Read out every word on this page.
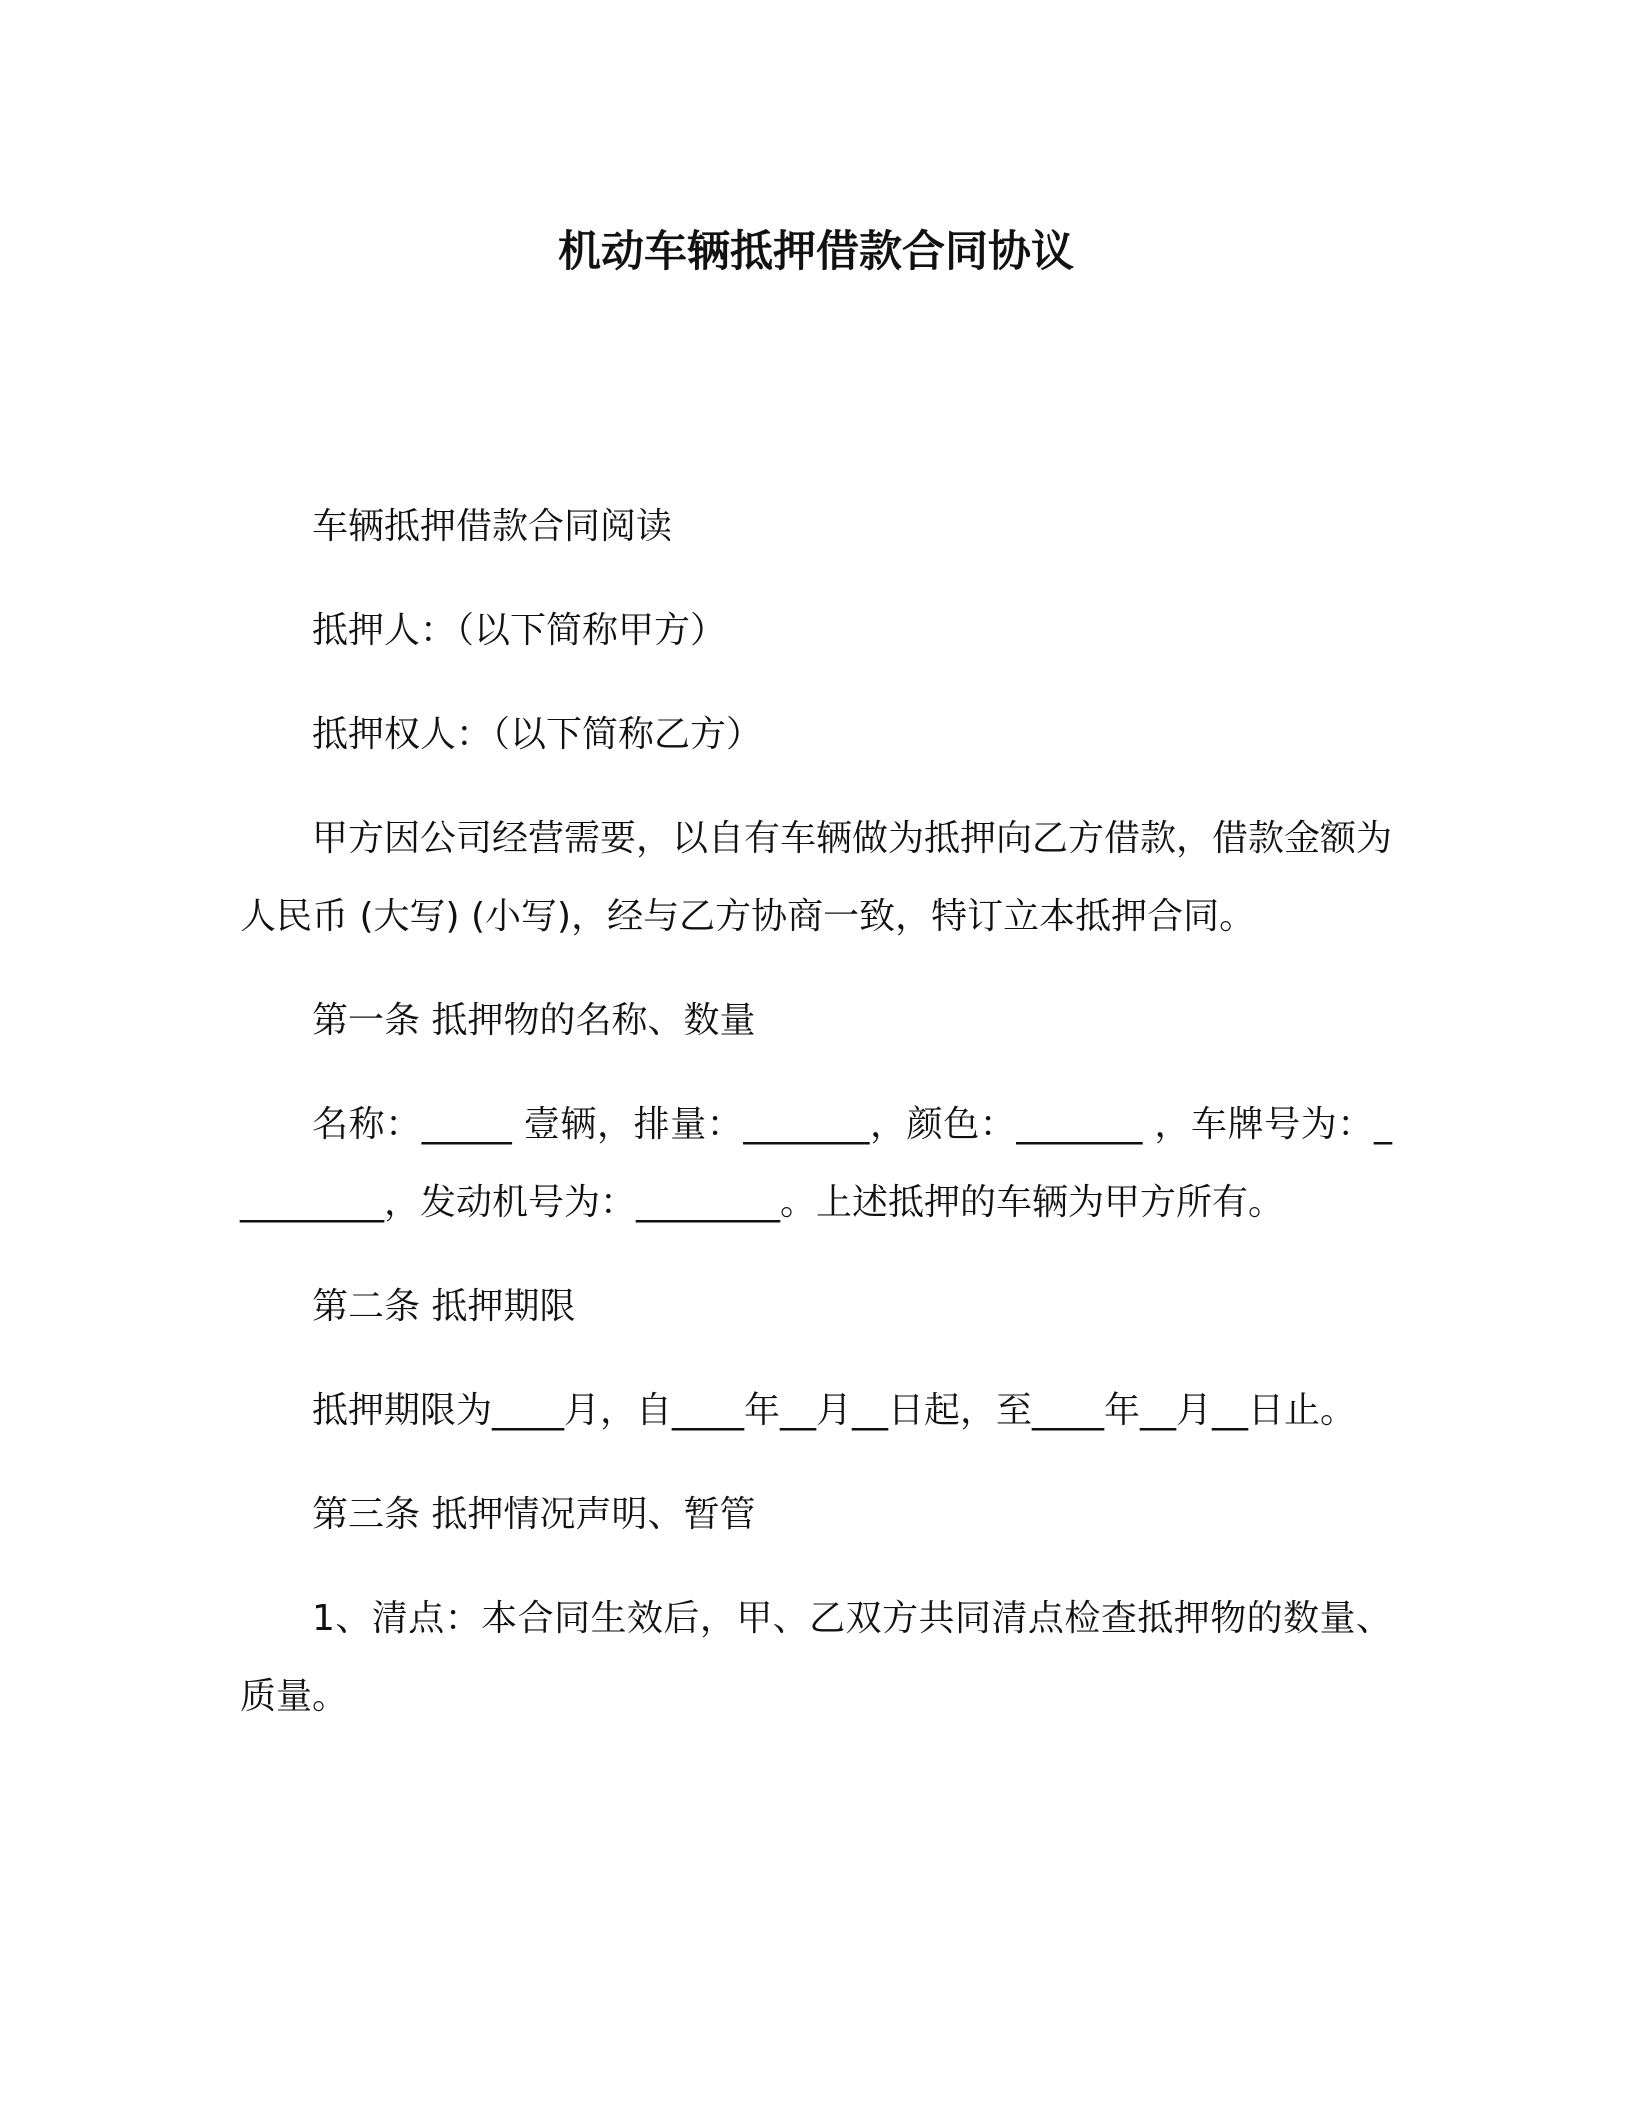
机动车辆抵押借款合同协议

车辆抵押借款合同阅读

抵押人：（以下简称甲方）

抵押权人：（以下简称乙方）

甲方因公司经营需要，以自有车辆做为抵押向乙方借款，借款金额为人民币 (大写) (小写)，经与乙方协商一致，特订立本抵押合同。

第一条 抵押物的名称、数量

名称：_____ 壹辆，排量：_______，颜色：_______ ，车牌号为：_________，发动机号为：________。上述抵押的车辆为甲方所有。

第二条 抵押期限

抵押期限为____月，自____年__月__日起，至____年__月__日止。

第三条 抵押情况声明、暂管

1、清点：本合同生效后，甲、乙双方共同清点检查抵押物的数量、质量。
